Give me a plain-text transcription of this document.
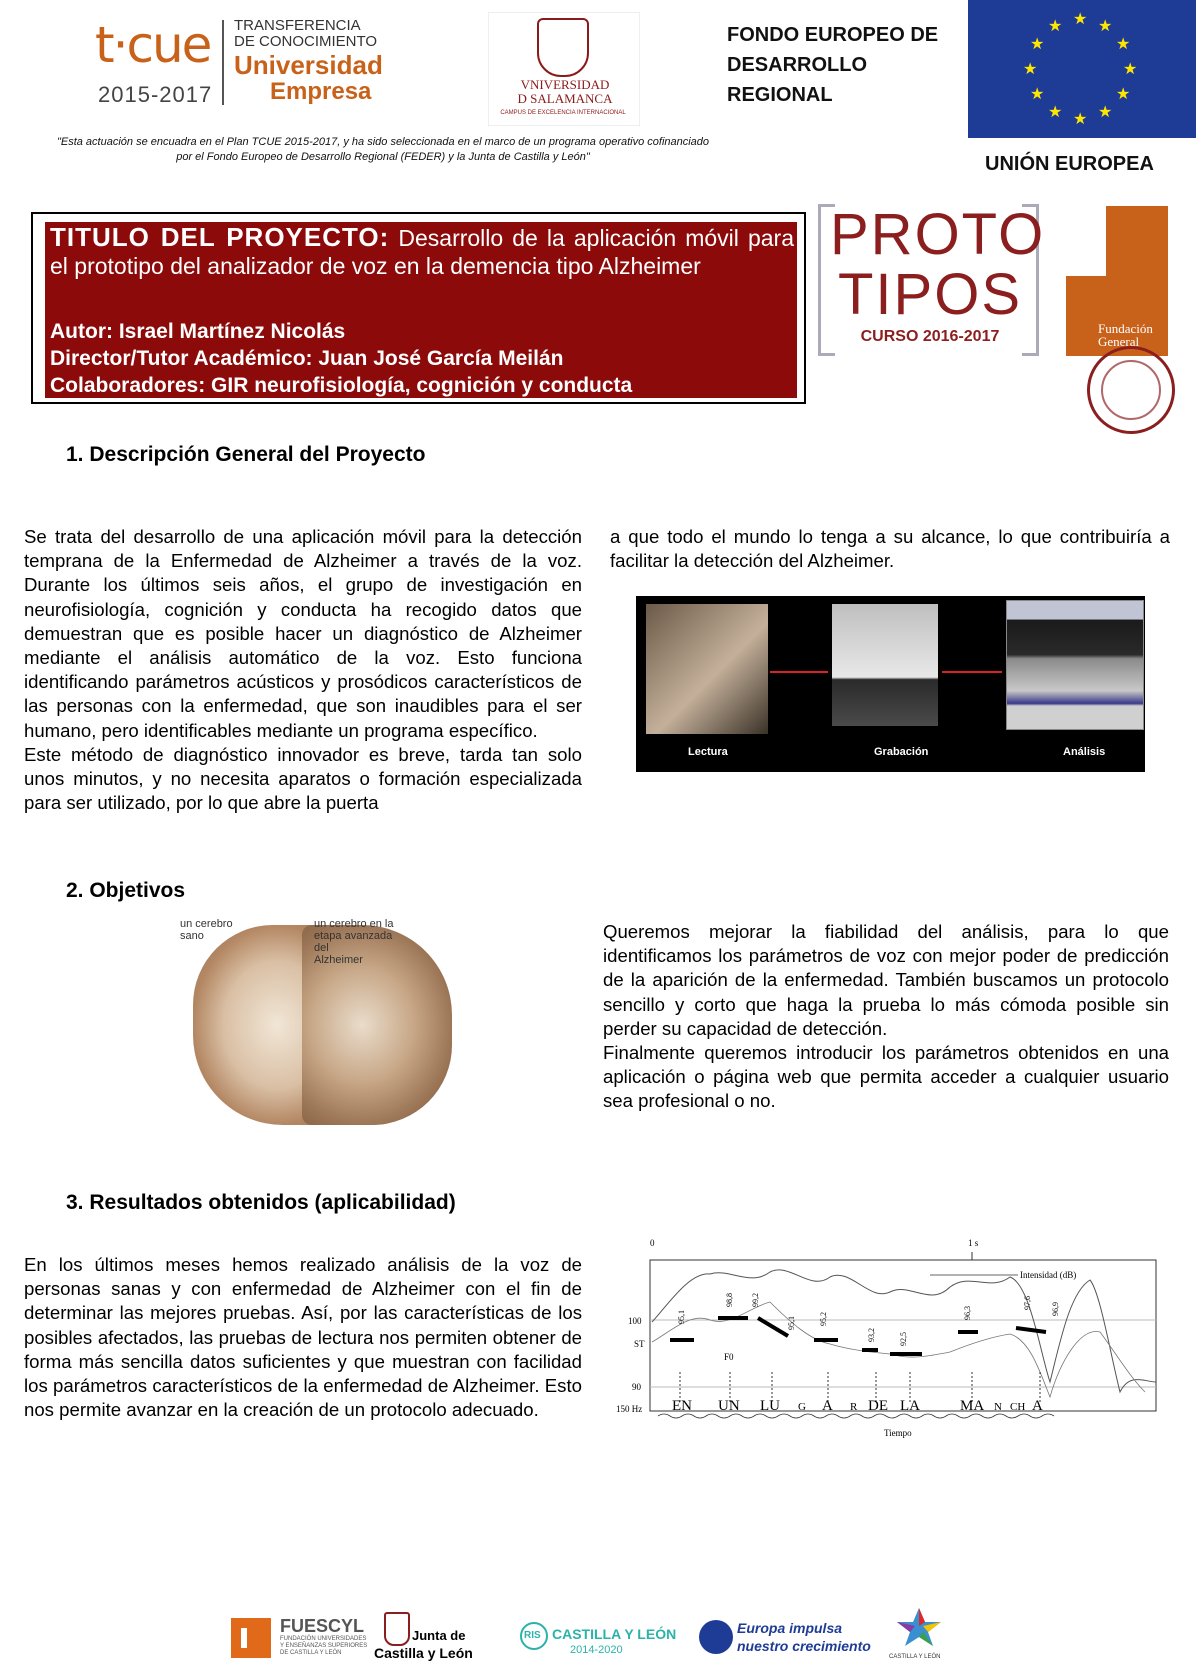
t·cue
2015-2017
TRANSFERENCIA
DE CONOCIMIENTO
Universidad
Empresa	VNIVERSIDAD
D SALAMANCA
CAMPUS DE EXCELENCIA INTERNACIONAL
FONDO EUROPEO DE
DESARROLLO
REGIONAL
★ ★
★
★
★
★
★
★
★
★
★
★
UNIÓN EUROPEA
"Esta actuación se encuadra en el Plan TCUE 2015-2017, y ha sido seleccionada en el marco de un programa operativo cofinanciado por el Fondo Europeo de Desarrollo Regional (FEDER) y la Junta de Castilla y León"
TITULO DEL PROYECTO: Desarrollo de la aplicación móvil para el prototipo del analizador de voz en la demencia tipo Alzheimer
Autor: Israel Martínez Nicolás
Director/Tutor Académico: Juan José García Meilán
Colaboradores: GIR neurofisiología, cognición y conducta
PROTO
TIPOS
CURSO 2016-2017	Fundación
General
1. Descripción General del Proyecto
Se trata del desarrollo de una aplicación móvil para la detección temprana de la Enfermedad de Alzheimer a través de la voz. Durante los últimos seis años, el grupo de investigación en neurofisiología, cognición y conducta ha recogido datos que demuestran que es posible hacer un diagnóstico de Alzheimer mediante el análisis automático de la voz. Esto funciona identificando parámetros acústicos y prosódicos característicos de las personas con la enfermedad, que son inaudibles para el ser humano, pero identificables mediante un programa específico.
Este método de diagnóstico innovador es breve, tarda tan solo unos minutos, y no necesita aparatos o formación especializada para ser utilizado, por lo que abre la puerta
a que todo el mundo lo tenga a su alcance, lo que contribuiría a facilitar la detección del Alzheimer.
Lectura	Grabación	Análisis
2. Objetivos
un cerebro
sano
un cerebro en la
etapa avanzada
del
Alzheimer
Queremos mejorar la fiabilidad del análisis, para lo que identificamos los parámetros de voz con mejor poder de predicción de la aparición de la enfermedad. También buscamos un protocolo sencillo y corto que haga la prueba lo más cómoda posible sin perder su capacidad de detección.
Finalmente queremos introducir los parámetros obtenidos en una aplicación o página web que permita acceder a cualquier usuario sea profesional o no.
3. Resultados obtenidos (aplicabilidad)
En los últimos meses hemos realizado análisis de la voz de personas sanas y con enfermedad de Alzheimer con el fin de determinar las mejores pruebas. Así, por las características de los posibles afectados, las pruebas de lectura nos permiten obtener de forma más sencilla datos suficientes y que muestran con facilidad los parámetros característicos de la enfermedad de Alzheimer. Esto nos permite avanzar en la creación de un protocolo adecuado.
0	1 s
100
ST
90
150 Hz
Intensidad (dB)
F0
Tiempo
95,1
98,8 99,2
95,1	95,2
93,2	92,5
96,3
97,6 96,9
EN UN LU G A R DE LA	MA N CH A
FUESCYL
FUNDACIÓN UNIVERSIDADES
Y ENSEÑANZAS SUPERIORES
DE CASTILLA Y LEÓN
Junta de
Castilla y León
RIS CASTILLA Y LEÓN
2014-2020
Europa impulsa
nuestro crecimiento
CASTILLA Y LEÓN
